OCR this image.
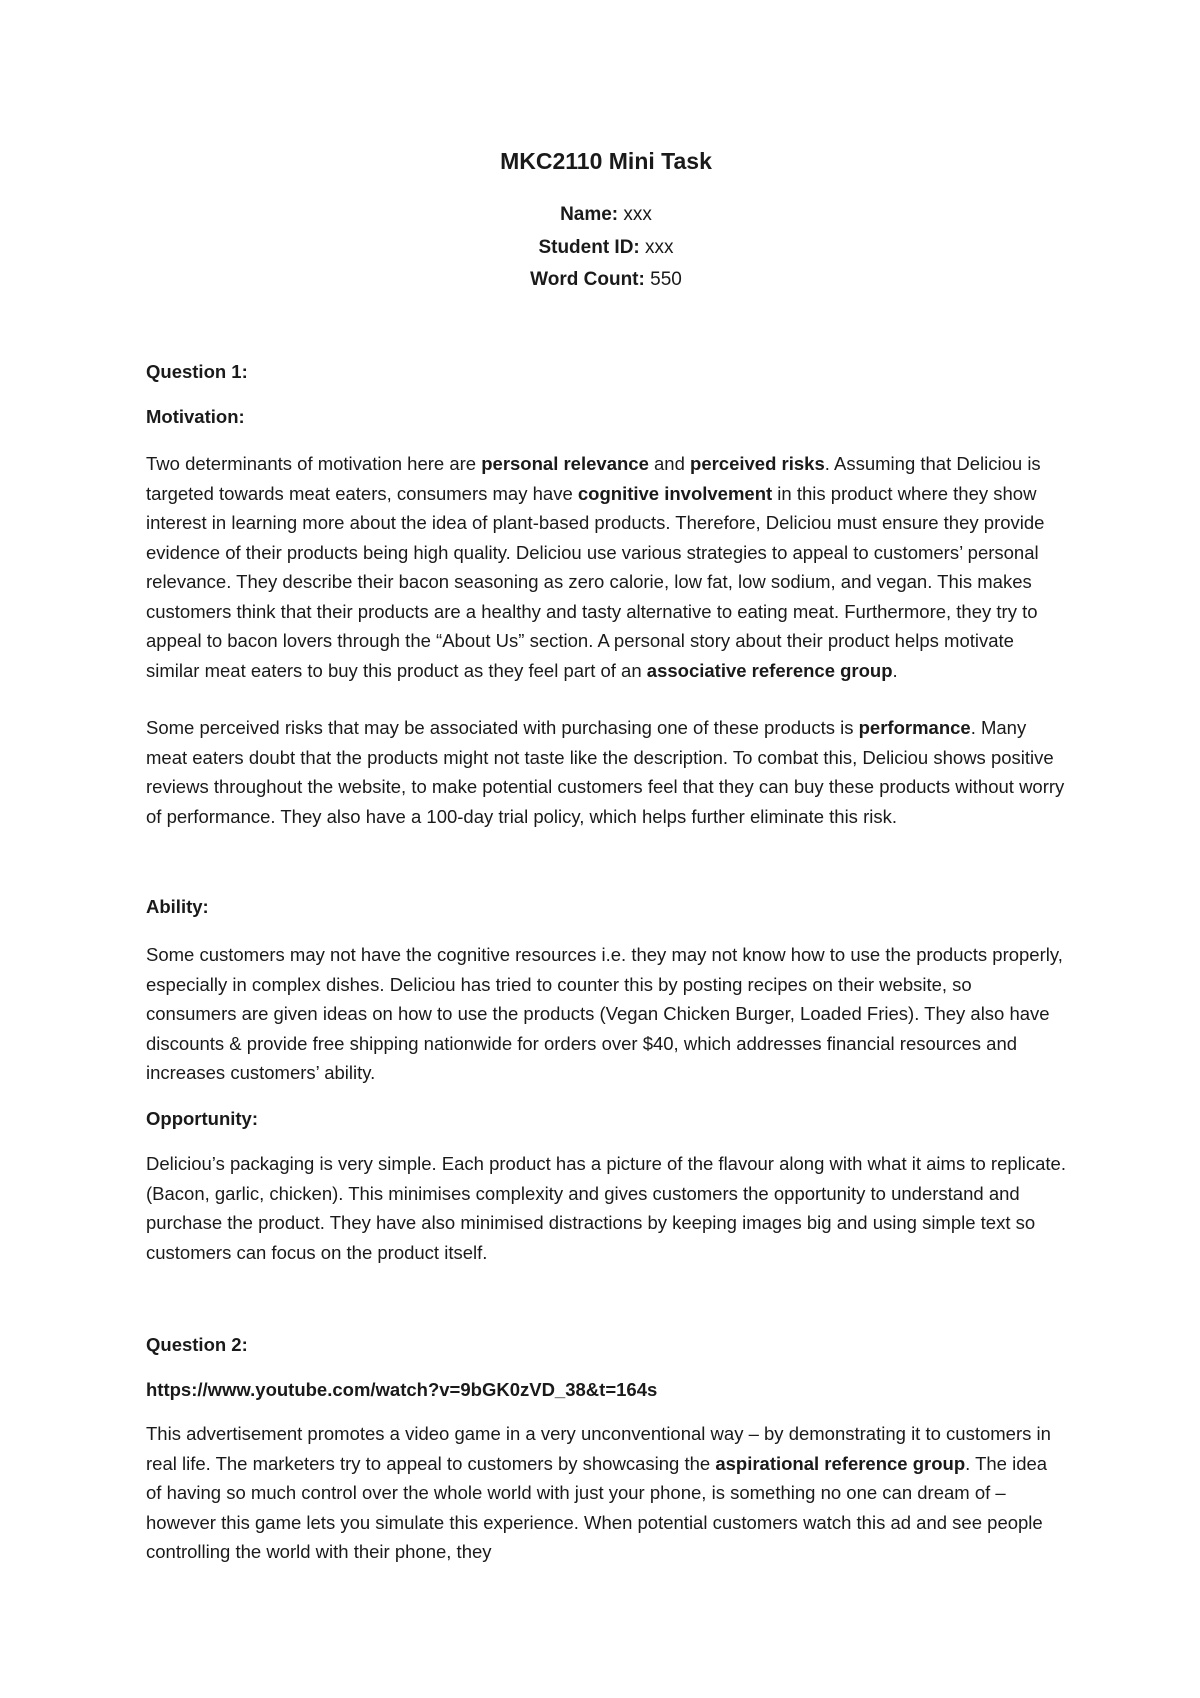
MKC2110 Mini Task

Name: xxx

Student ID: xxx

Word Count: 550

Question 1:
Motivation:

Two determinants of motivation here are personal relevance and perceived risks. Assuming that Deliciou is targeted towards meat eaters, consumers may have cognitive involvement in this product where they show interest in learning more about the idea of plant-based products. Therefore, Deliciou must ensure they provide evidence of their products being high quality. Deliciou use various strategies to appeal to customers’ personal relevance. They describe their bacon seasoning as zero calorie, low fat, low sodium, and vegan. This makes customers think that their products are a healthy and tasty alternative to eating meat. Furthermore, they try to appeal to bacon lovers through the “About Us” section. A personal story about their product helps motivate similar meat eaters to buy this product as they feel part of an associative reference group.

Some perceived risks that may be associated with purchasing one of these products is performance. Many meat eaters doubt that the products might not taste like the description. To combat this, Deliciou shows positive reviews throughout the website, to make potential customers feel that they can buy these products without worry of performance. They also have a 100-day trial policy, which helps further eliminate this risk.

Ability:

Some customers may not have the cognitive resources i.e. they may not know how to use the products properly, especially in complex dishes. Deliciou has tried to counter this by posting recipes on their website, so consumers are given ideas on how to use the products (Vegan Chicken Burger, Loaded Fries). They also have discounts & provide free shipping nationwide for orders over $40, which addresses financial resources and increases customers’ ability.

Opportunity:

Deliciou’s packaging is very simple. Each product has a picture of the flavour along with what it aims to replicate. (Bacon, garlic, chicken). This minimises complexity and gives customers the opportunity to understand and purchase the product. They have also minimised distractions by keeping images big and using simple text so customers can focus on the product itself.

Question 2:

https://www.youtube.com/watch?v=9bGK0zVD_38&t=164s

This advertisement promotes a video game in a very unconventional way – by demonstrating it to customers in real life. The marketers try to appeal to customers by showcasing the aspirational reference group. The idea of having so much control over the whole world with just your phone, is something no one can dream of – however this game lets you simulate this experience. When potential customers watch this ad and see people controlling the world with their phone, they
